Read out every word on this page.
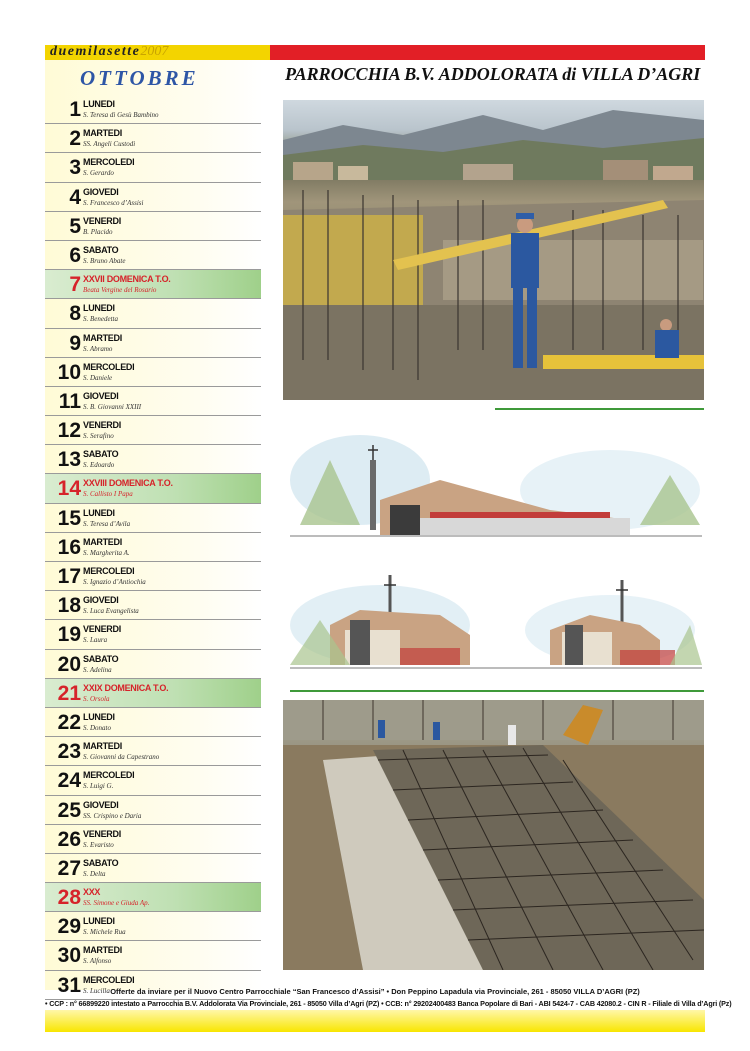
duemilasette2007
OTTOBRE
1 LUNEDI
S. Teresa di Gesù Bambino
2 MARTEDI
SS. Angeli Custodi
3 MERCOLEDI
S. Gerardo
4 GIOVEDI
S. Francesco d’Assisi
5 VENERDI
B. Placido
6 SABATO
S. Bruno Abate
7 XXVII DOMENICA T.O.
Beata Vergine del Rosario
8 LUNEDI
S. Benedetta
9 MARTEDI
S. Abramo
10 MERCOLEDI
S. Daniele
11 GIOVEDI
S. B. Giovanni XXIII
12 VENERDI
S. Serafino
13 SABATO
S. Edoardo
14 XXVIII DOMENICA T.O.
S. Callisto I Papa
15 LUNEDI
S. Teresa d’Avila
16 MARTEDI
S. Margherita A.
17 MERCOLEDI
S. Ignazio d’Antiochia
18 GIOVEDI
S. Luca Evangelista
19 VENERDI
S. Laura
20 SABATO
S. Adelina
21 XXIX DOMENICA T.O.
S. Orsola
22 LUNEDI
S. Donato
23 MARTEDI
S. Giovanni da Capestrano
24 MERCOLEDI
S. Luigi G.
25 GIOVEDI
SS. Crispino e Daria
26 VENERDI
S. Evaristo
27 SABATO
S. Delta
28 XXX
SS. Simone e Giuda Ap.
29 LUNEDI
S. Michele Rua
30 MARTEDI
S. Alfonso
31 MERCOLEDI
S. Lucilla
PARROCCHIA B.V. ADDOLORATA di VILLA D’AGRI

Offerte da inviare per il Nuovo Centro Parrocchiale “San Francesco d’Assisi” • Don Peppino Lapadula via Provinciale, 261 - 85050 VILLA D’AGRI (PZ)
• CCP : n° 66899220 intestato a Parrocchia B.V. Addolorata Via Provinciale, 261 - 85050 Villa d’Agri (PZ) • CCB: n° 29202400483 Banca Popolare di Bari - ABI 5424-7 - CAB 42080.2 - CIN R - Filiale di Villa d’Agri (Pz)
